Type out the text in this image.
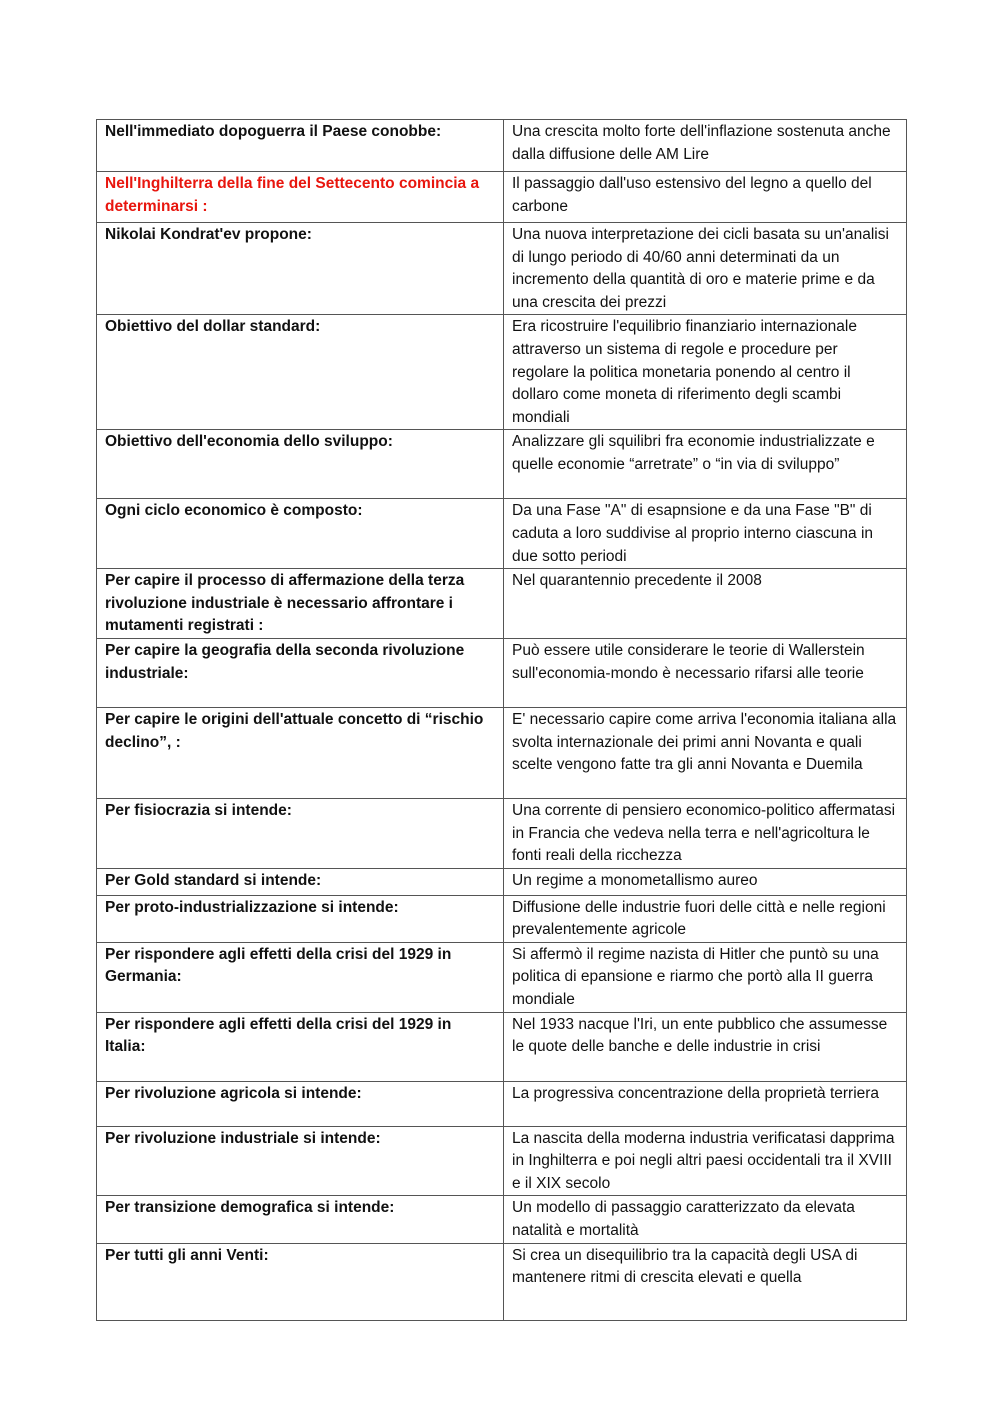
Nell'immediato dopoguerra il Paese conobbe:	Una crescita molto forte dell'inflazione sostenuta anche dalla diffusione delle AM Lire
Nell'Inghilterra della fine del Settecento comincia a determinarsi :	Il passaggio dall'uso estensivo del legno a quello del carbone
Nikolai Kondrat'ev propone:	Una nuova interpretazione dei cicli basata su un'analisi di lungo periodo di 40/60 anni determinati da un incremento della quantità di oro e materie prime e da una crescita dei prezzi
Obiettivo del dollar standard:	Era ricostruire l'equilibrio finanziario internazionale attraverso un sistema di regole e procedure per regolare la politica monetaria ponendo al centro il dollaro come moneta di riferimento degli scambi mondiali
Obiettivo dell'economia dello sviluppo:	Analizzare gli squilibri fra economie industrializzate e quelle economie “arretrate” o “in via di sviluppo”
Ogni ciclo economico è composto:	Da una Fase "A" di esapnsione e da una Fase "B" di caduta a loro suddivise al proprio interno ciascuna in due sotto periodi
Per capire il processo di affermazione della terza rivoluzione industriale è necessario affrontare i mutamenti registrati :	Nel quarantennio precedente il 2008
Per capire la geografia della seconda rivoluzione industriale:	Può essere utile considerare le teorie di Wallerstein sull'economia-mondo è necessario rifarsi alle teorie
Per capire le origini dell'attuale concetto di “rischio declino”, :	E' necessario capire come arriva l'economia italiana alla svolta internazionale dei primi anni Novanta e quali scelte vengono fatte tra gli anni Novanta e Duemila
Per fisiocrazia si intende:	Una corrente di pensiero economico-politico affermatasi in Francia che vedeva nella terra e nell'agricoltura le fonti reali della ricchezza
Per Gold standard si intende:	Un regime a monometallismo aureo
Per proto-industrializzazione si intende:	Diffusione delle industrie fuori delle città e nelle regioni prevalentemente agricole
Per rispondere agli effetti della crisi del 1929 in Germania:	Si affermò il regime nazista di Hitler che puntò su una politica di epansione e riarmo che portò alla II guerra mondiale
Per rispondere agli effetti della crisi del 1929 in Italia:	Nel 1933 nacque l'Iri, un ente pubblico che assumesse le quote delle banche e delle industrie in crisi
Per rivoluzione agricola si intende:	La progressiva concentrazione della proprietà terriera
Per rivoluzione industriale si intende:	La nascita della moderna industria verificatasi dapprima in Inghilterra e poi negli altri paesi occidentali tra il XVIII e il XIX secolo
Per transizione demografica si intende:	Un modello di passaggio caratterizzato da elevata natalità e mortalità
Per tutti gli anni Venti:	Si crea un disequilibrio tra la capacità degli USA di mantenere ritmi di crescita elevati e quella
